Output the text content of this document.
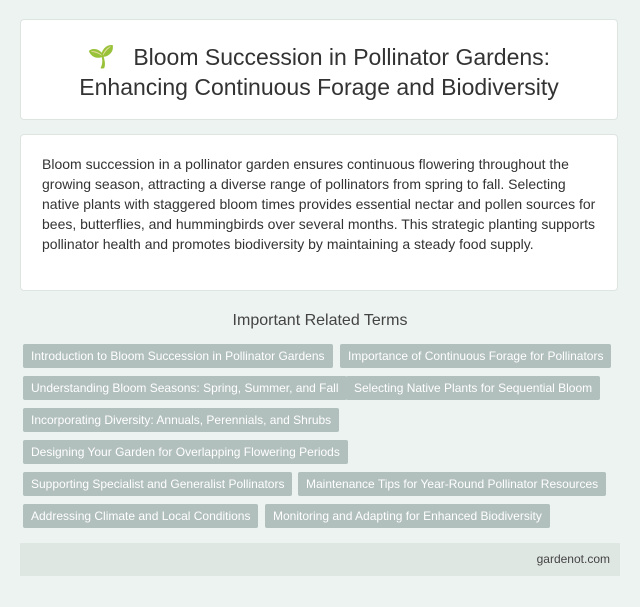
🌱 Bloom Succession in Pollinator Gardens:
Enhancing Continuous Forage and Biodiversity

Bloom succession in a pollinator garden ensures continuous flowering throughout the growing season, attracting a diverse range of pollinators from spring to fall. Selecting native plants with staggered bloom times provides essential nectar and pollen sources for bees, butterflies, and hummingbirds over several months. This strategic planting supports pollinator health and promotes biodiversity by maintaining a steady food supply.

Important Related Terms
Introduction to Bloom Succession in Pollinator Gardens	Importance of Continuous Forage for Pollinators
Understanding Bloom Seasons: Spring, Summer, and Fall	Selecting Native Plants for Sequential Bloom
Incorporating Diversity: Annuals, Perennials, and Shrubs
Designing Your Garden for Overlapping Flowering Periods
Supporting Specialist and Generalist Pollinators	Maintenance Tips for Year-Round Pollinator Resources
Addressing Climate and Local Conditions	Monitoring and Adapting for Enhanced Biodiversity
gardenot.com
